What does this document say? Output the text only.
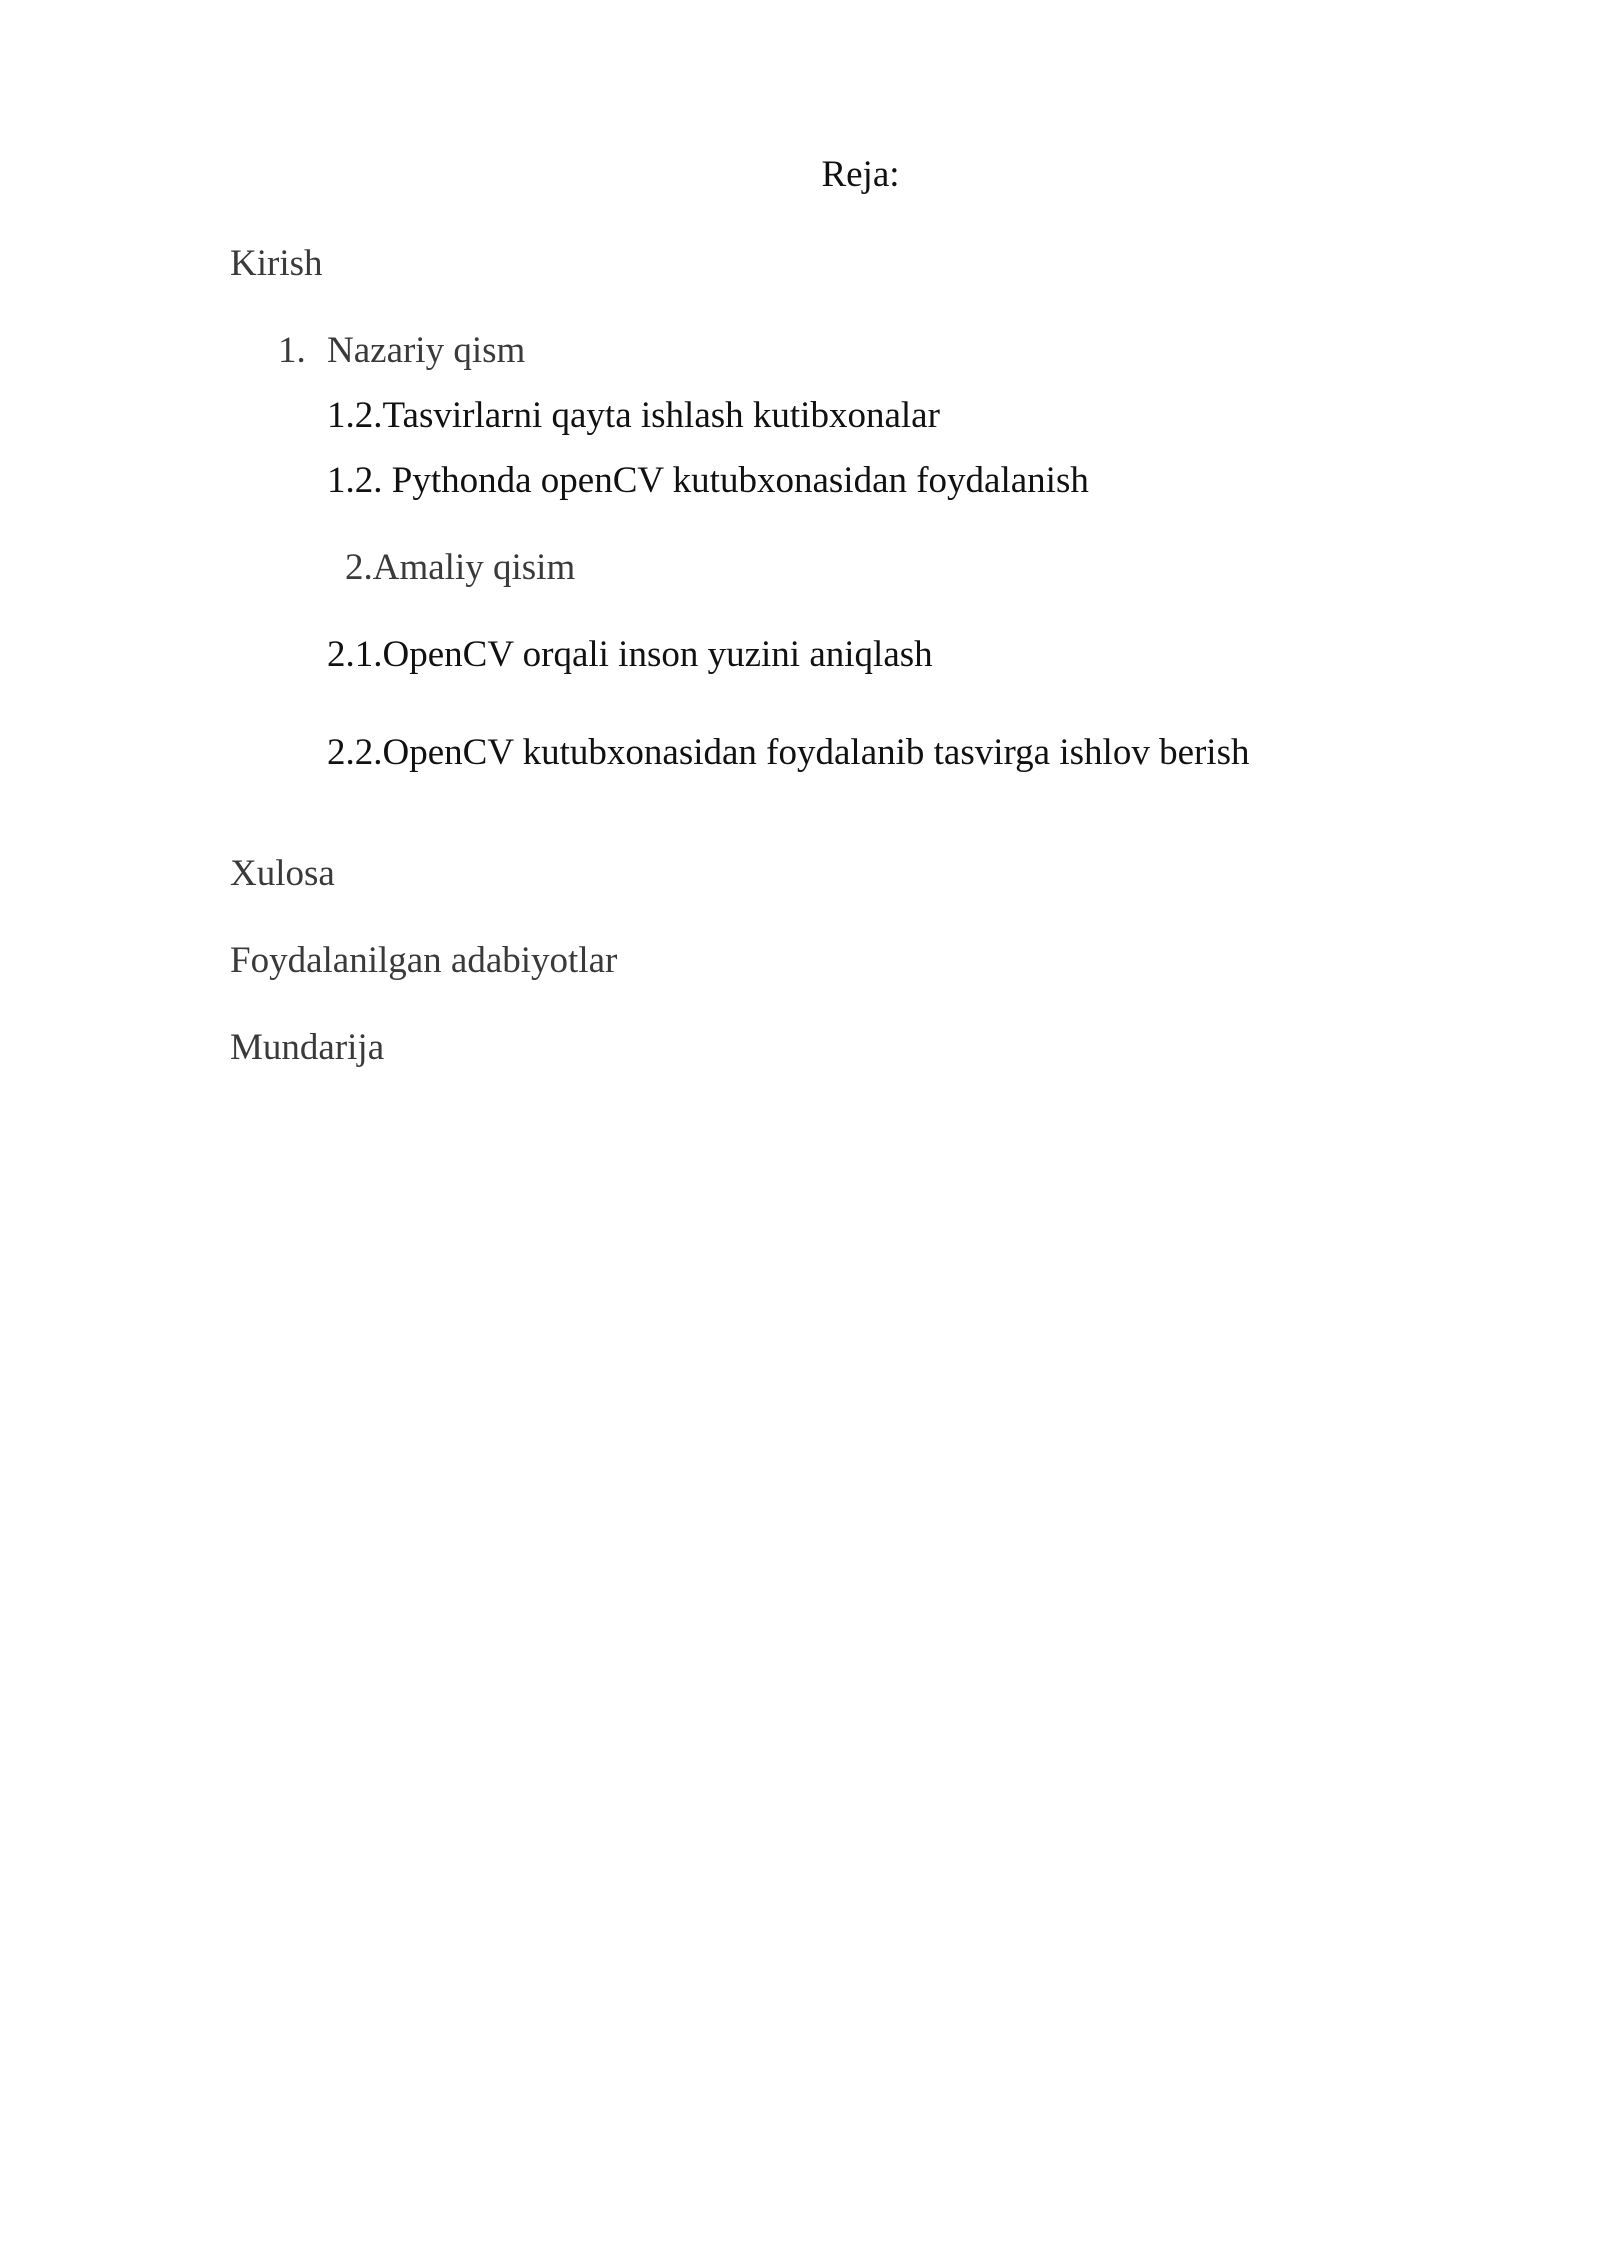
Reja:
Kirish
1. Nazariy qism
1.2.Tasvirlarni qayta ishlash kutibxonalar
1.2. Pythonda openCV kutubxonasidan foydalanish
2.Amaliy qisim
2.1.OpenCV orqali inson yuzini aniqlash
2.2.OpenCV kutubxonasidan foydalanib tasvirga ishlov berish
Xulosa
Foydalanilgan adabiyotlar
Mundarija
